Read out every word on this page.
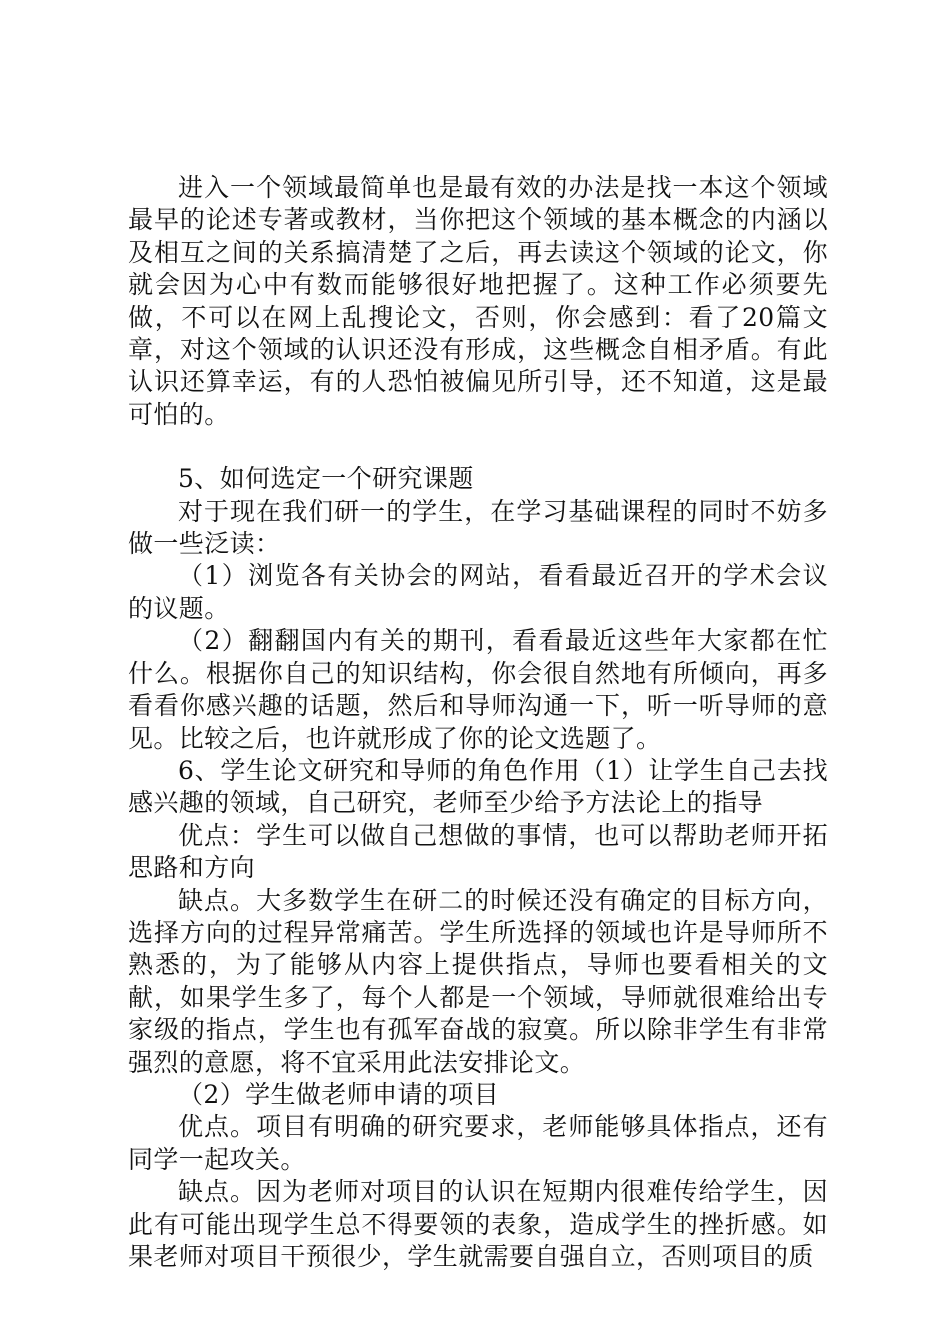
进入一个领域最简单也是最有效的办法是找一本这个领域最早的论述专著或教材，当你把这个领域的基本概念的内涵以及相互之间的关系搞清楚了之后，再去读这个领域的论文，你就会因为心中有数而能够很好地把握了。这种工作必须要先做，不可以在网上乱搜论文，否则，你会感到：看了20篇文章，对这个领域的认识还没有形成，这些概念自相矛盾。有此认识还算幸运，有的人恐怕被偏见所引导，还不知道，这是最可怕的。

5、如何选定一个研究课题

对于现在我们研一的学生，在学习基础课程的同时不妨多做一些泛读：

（1）浏览各有关协会的网站，看看最近召开的学术会议的议题。

（2）翻翻国内有关的期刊，看看最近这些年大家都在忙什么。根据你自己的知识结构，你会很自然地有所倾向，再多看看你感兴趣的话题，然后和导师沟通一下，听一听导师的意见。比较之后，也许就形成了你的论文选题了。

6、学生论文研究和导师的角色作用（1）让学生自己去找感兴趣的领域，自己研究，老师至少给予方法论上的指导

优点：学生可以做自己想做的事情，也可以帮助老师开拓思路和方向

缺点。大多数学生在研二的时候还没有确定的目标方向，选择方向的过程异常痛苦。学生所选择的领域也许是导师所不熟悉的，为了能够从内容上提供指点，导师也要看相关的文献，如果学生多了，每个人都是一个领域，导师就很难给出专家级的指点，学生也有孤军奋战的寂寞。所以除非学生有非常强烈的意愿，将不宜采用此法安排论文。

（2）学生做老师申请的项目

优点。项目有明确的研究要求，老师能够具体指点，还有同学一起攻关。

缺点。因为老师对项目的认识在短期内很难传给学生，因此有可能出现学生总不得要领的表象，造成学生的挫折感。如果老师对项目干预很少，学生就需要自强自立，否则项目的质
